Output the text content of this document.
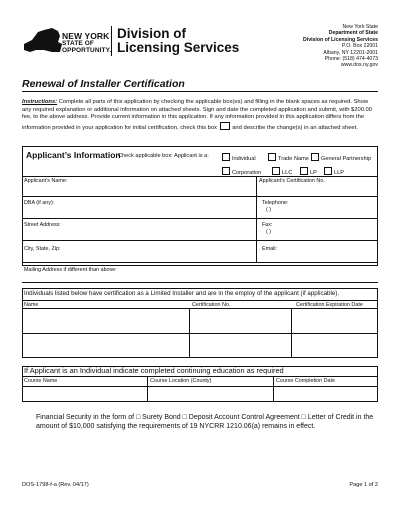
NEW YORK
STATE OF
OPPORTUNITY.
Division of
Licensing Services
New York State
Department of State
Division of Licensing Services
P.O. Box 22001
Albany, NY 12201-2001
Phone: (518) 474-4073
www.dos.ny.gov
Renewal of Installer Certification
Instructions: Complete all parts of this application by checking the applicable box(es) and filling in the blank spaces as required. Show any required explanation or additional information on attached sheets. Sign and date the completed application and submit, with $200.00 fee, to the above address. Provide current information in this application. If any information provided in this application differs from the information provided in your application for initial certification, check this box	and describe the change(s) in an attached sheet.
Applicant’s Information
Check applicable box: Applicant is a:	Individual	Trade Name	General Partnership
Corporation	LLC	LP	LLP
Applicant’s Name:	Applicant’s Certification No.
DBA (if any):	Telephone:
( )
Street Address:	Fax:
( )
City, State, Zip:	Email:
Mailing Address if different than above:
Individuals listed below have certification as a Limited Installer and are in the employ of the applicant (if applicable).
Name	Certification No.	Certification Expiration Date
If Applicant is an Individual indicate completed continuing education as required
Course Name	Course Location (County)	Course Completion Date
Financial Security in the form of □ Surety Bond □ Deposit Account Control Agreement □ Letter of Credit in the amount of $10,000 satisfying the requirements of 19 NYCRR 1210.06(a) remains in effect.
DOS-1798-f-a (Rev. 04/17)	Page 1 of 2
